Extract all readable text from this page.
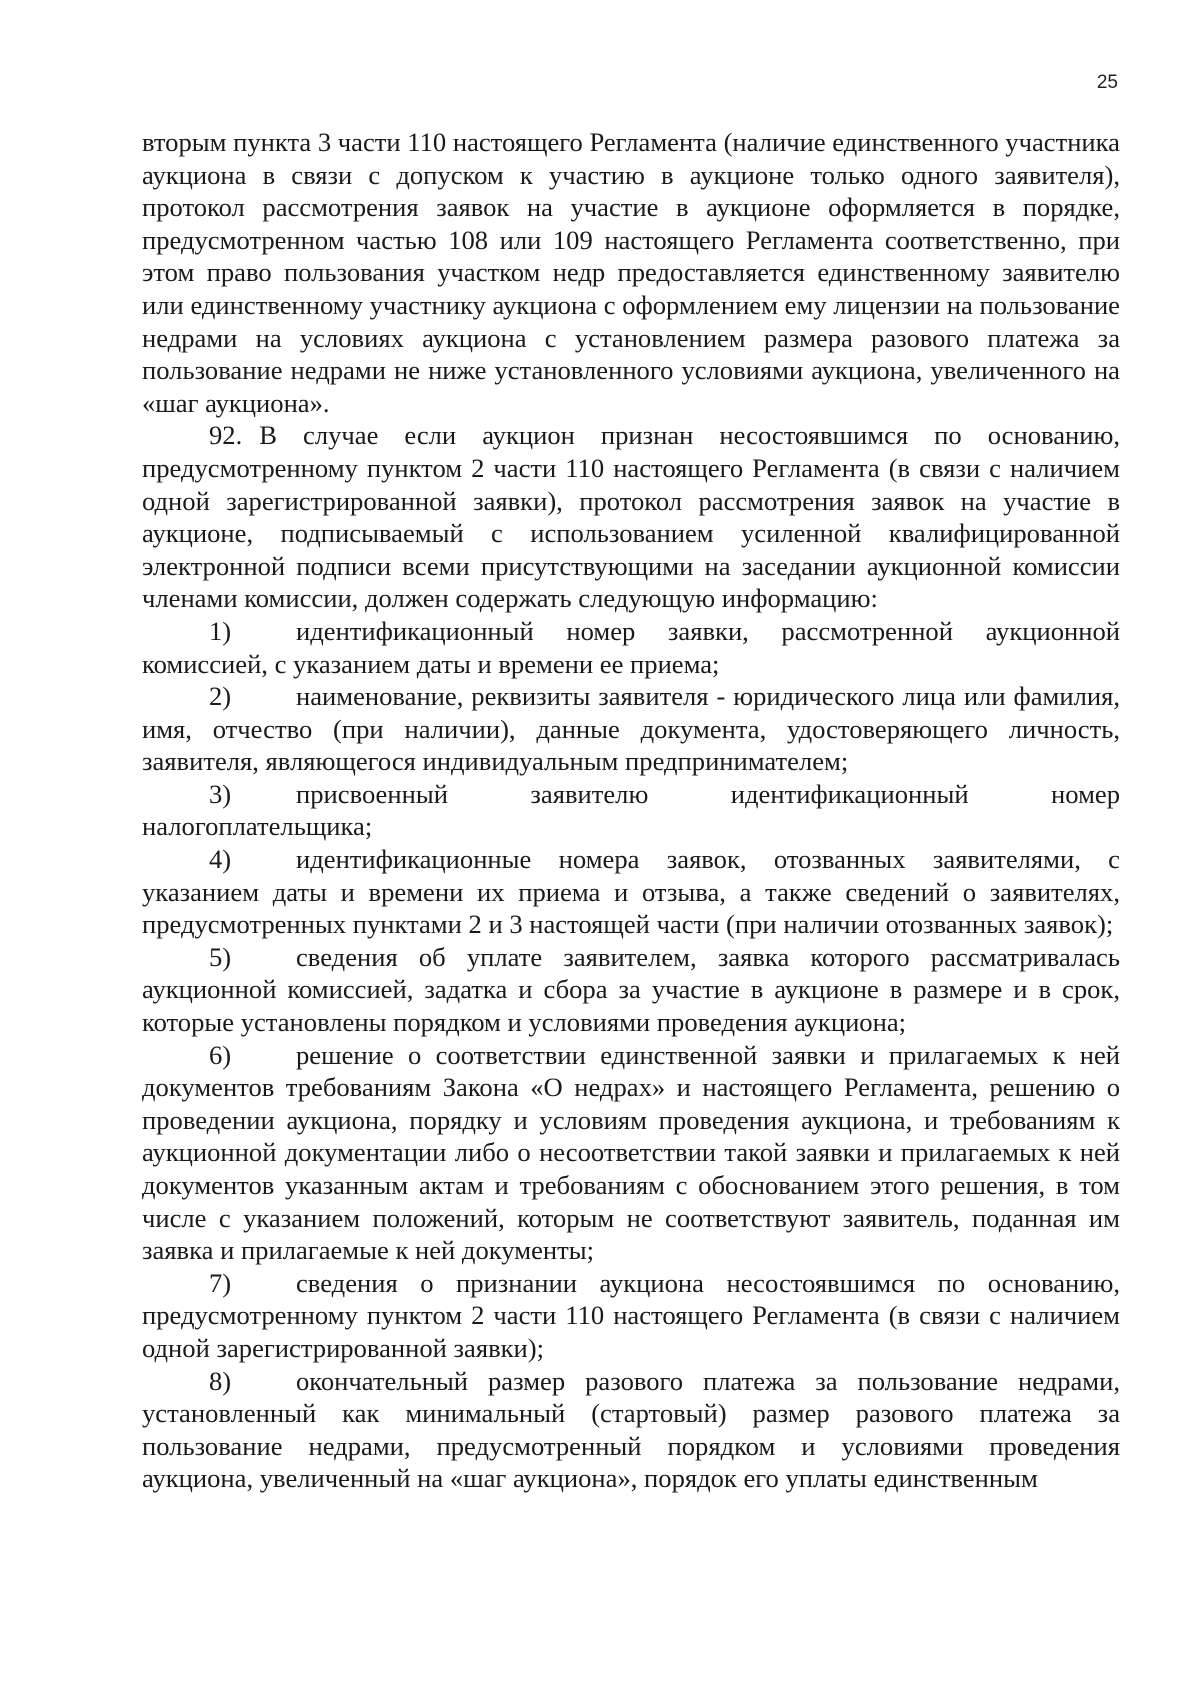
25

вторым пункта 3 части 110 настоящего Регламента (наличие единственного участника аукциона в связи с допуском к участию в аукционе только одного заявителя), протокол рассмотрения заявок на участие в аукционе оформляется в порядке, предусмотренном частью 108 или 109 настоящего Регламента соответственно, при этом право пользования участком недр предоставляется единственному заявителю или единственному участнику аукциона с оформлением ему лицензии на пользование недрами на условиях аукциона с установлением размера разового платежа за пользование недрами не ниже установленного условиями аукциона, увеличенного на «шаг аукциона».

92. В случае если аукцион признан несостоявшимся по основанию, предусмотренному пунктом 2 части 110 настоящего Регламента (в связи с наличием одной зарегистрированной заявки), протокол рассмотрения заявок на участие в аукционе, подписываемый с использованием усиленной квалифицированной электронной подписи всеми присутствующими на заседании аукционной комиссии членами комиссии, должен содержать следующую информацию:

1) идентификационный номер заявки, рассмотренной аукционной комиссией, с указанием даты и времени ее приема;

2) наименование, реквизиты заявителя - юридического лица или фамилия, имя, отчество (при наличии), данные документа, удостоверяющего личность, заявителя, являющегося индивидуальным предпринимателем;

3) присвоенный заявителю идентификационный номер налогоплательщика;

4) идентификационные номера заявок, отозванных заявителями, с указанием даты и времени их приема и отзыва, а также сведений о заявителях, предусмотренных пунктами 2 и 3 настоящей части (при наличии отозванных заявок);

5) сведения об уплате заявителем, заявка которого рассматривалась аукционной комиссией, задатка и сбора за участие в аукционе в размере и в срок, которые установлены порядком и условиями проведения аукциона;

6) решение о соответствии единственной заявки и прилагаемых к ней документов требованиям Закона «О недрах» и настоящего Регламента, решению о проведении аукциона, порядку и условиям проведения аукциона, и требованиям к аукционной документации либо о несоответствии такой заявки и прилагаемых к ней документов указанным актам и требованиям с обоснованием этого решения, в том числе с указанием положений, которым не соответствуют заявитель, поданная им заявка и прилагаемые к ней документы;

7) сведения о признании аукциона несостоявшимся по основанию, предусмотренному пунктом 2 части 110 настоящего Регламента (в связи с наличием одной зарегистрированной заявки);

8) окончательный размер разового платежа за пользование недрами, установленный как минимальный (стартовый) размер разового платежа за пользование недрами, предусмотренный порядком и условиями проведения аукциона, увеличенный на «шаг аукциона», порядок его уплаты единственным
